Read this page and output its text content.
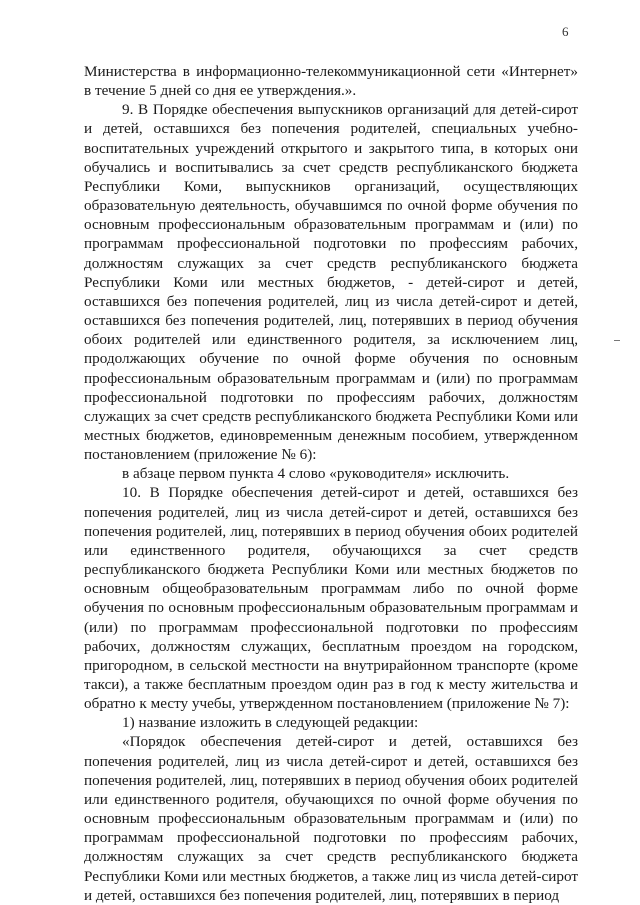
6

Министерства в информационно-телекоммуникационной сети «Интернет» в течение 5 дней со дня ее утверждения.».

9. В Порядке обеспечения выпускников организаций для детей-сирот и детей, оставшихся без попечения родителей, специальных учебно-воспитательных учреждений открытого и закрытого типа, в которых они обучались и воспитывались за счет средств республиканского бюджета Республики Коми, выпускников организаций, осуществляющих образовательную деятельность, обучавшимся по очной форме обучения по основным профессиональным образовательным программам и (или) по программам профессиональной подготовки по профессиям рабочих, должностям служащих за счет средств республиканского бюджета Республики Коми или местных бюджетов, - детей-сирот и детей, оставшихся без попечения родителей, лиц из числа детей-сирот и детей, оставшихся без попечения родителей, лиц, потерявших в период обучения обоих родителей или единственного родителя, за исключением лиц, продолжающих обучение по очной форме обучения по основным профессиональным образовательным программам и (или) по программам профессиональной подготовки по профессиям рабочих, должностям служащих за счет средств республиканского бюджета Республики Коми или местных бюджетов, единовременным денежным пособием, утвержденном постановлением (приложение № 6):

в абзаце первом пункта 4 слово «руководителя» исключить.

10. В Порядке обеспечения детей-сирот и детей, оставшихся без попечения родителей, лиц из числа детей-сирот и детей, оставшихся без попечения родителей, лиц, потерявших в период обучения обоих родителей или единственного родителя, обучающихся за счет средств республиканского бюджета Республики Коми или местных бюджетов по основным общеобразовательным программам либо по очной форме обучения по основным профессиональным образовательным программам и (или) по программам профессиональной подготовки по профессиям рабочих, должностям служащих, бесплатным проездом на городском, пригородном, в сельской местности на внутрирайонном транспорте (кроме такси), а также бесплатным проездом один раз в год к месту жительства и обратно к месту учебы, утвержденном постановлением (приложение № 7):

1) название изложить в следующей редакции:

«Порядок обеспечения детей-сирот и детей, оставшихся без попечения родителей, лиц из числа детей-сирот и детей, оставшихся без попечения родителей, лиц, потерявших в период обучения обоих родителей или единственного родителя, обучающихся по очной форме обучения по основным профессиональным образовательным программам и (или) по программам профессиональной подготовки по профессиям рабочих, должностям служащих за счет средств республиканского бюджета Республики Коми или местных бюджетов, а также лиц из числа детей-сирот и детей, оставшихся без попечения родителей, лиц, потерявших в период
